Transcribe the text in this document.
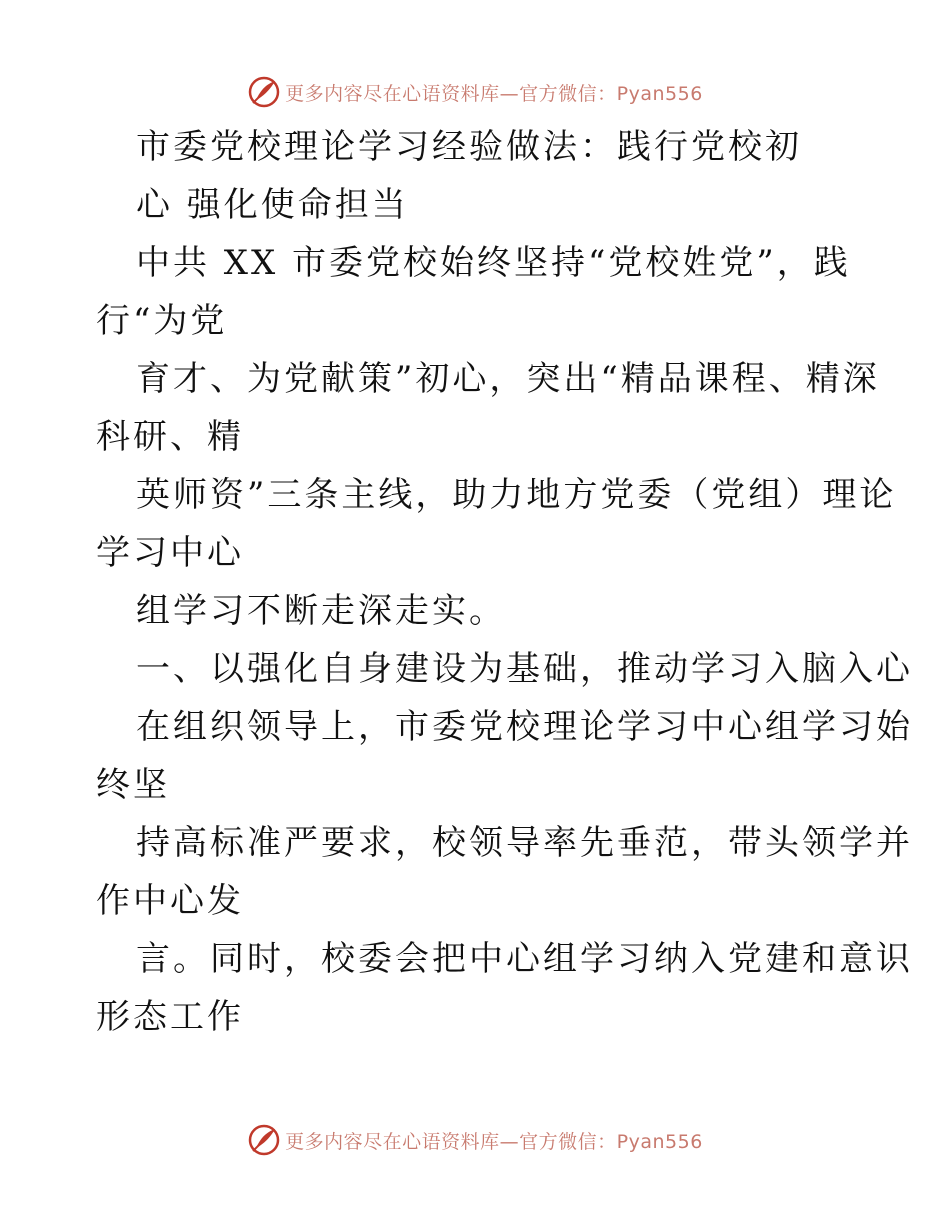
更多内容尽在心语资料库—官方微信：Pyan556
市委党校理论学习经验做法：践行党校初
心 强化使命担当
中共 XX 市委党校始终坚持“党校姓党”，践
行“为党
育才、为党献策”初心，突出“精品课程、精深
科研、精
英师资”三条主线，助力地方党委（党组）理论
学习中心
组学习不断走深走实。
一、以强化自身建设为基础，推动学习入脑入心
在组织领导上，市委党校理论学习中心组学习始
终坚
持高标准严要求，校领导率先垂范，带头领学并
作中心发
言。同时，校委会把中心组学习纳入党建和意识
形态工作
更多内容尽在心语资料库—官方微信：Pyan556
